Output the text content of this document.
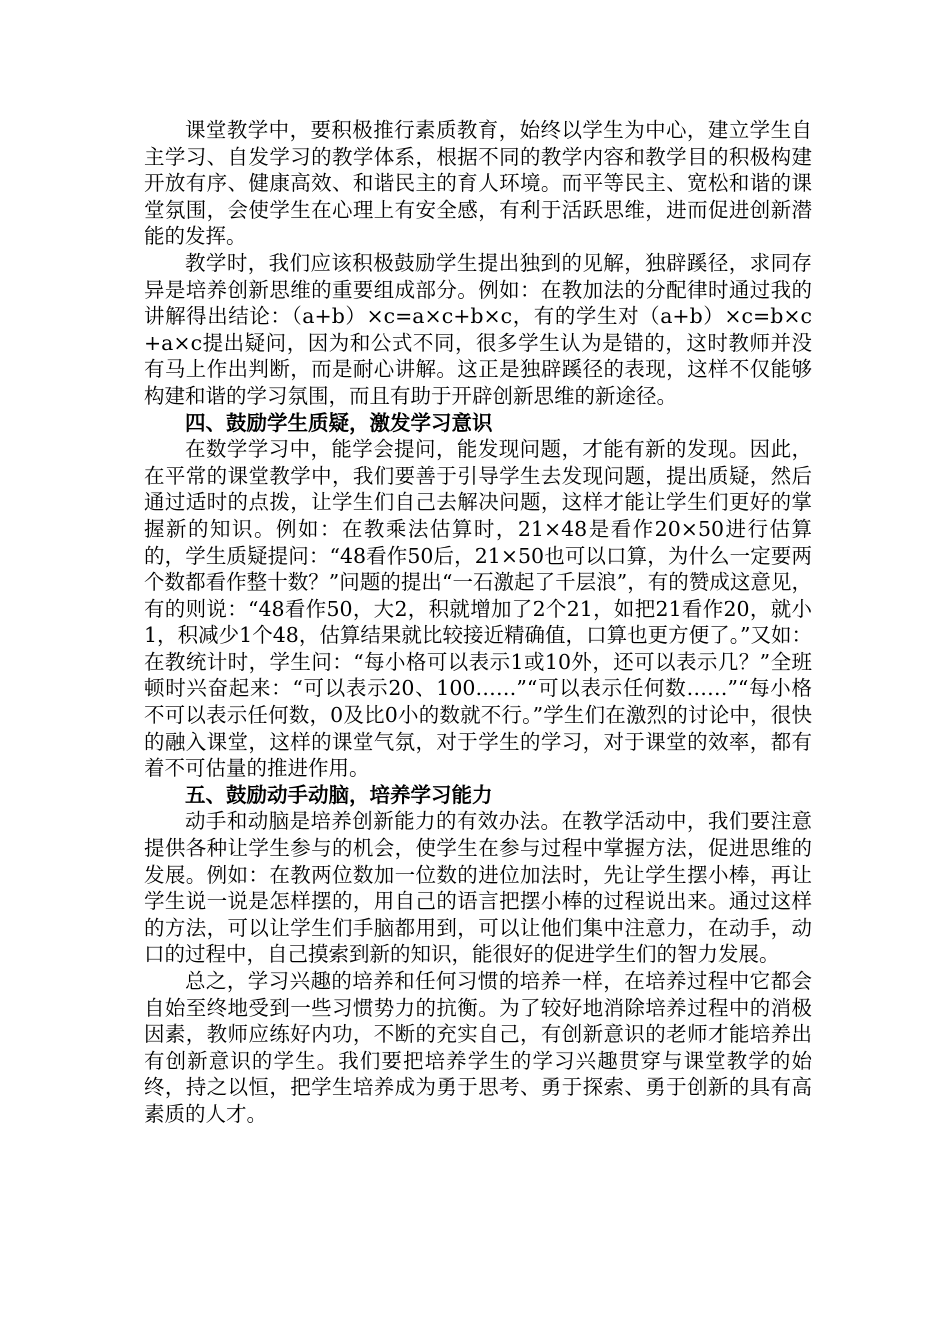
课堂教学中，要积极推行素质教育，始终以学生为中心，建立学生自主学习、自发学习的教学体系，根据不同的教学内容和教学目的积极构建开放有序、健康高效、和谐民主的育人环境。而平等民主、宽松和谐的课堂氛围，会使学生在心理上有安全感，有利于活跃思维，进而促进创新潜能的发挥。

教学时，我们应该积极鼓励学生提出独到的见解，独辟蹊径，求同存异是培养创新思维的重要组成部分。例如：在教加法的分配律时通过我的讲解得出结论：（a+b）×c=a×c+b×c，有的学生对（a+b）×c=b×c+a×c提出疑问，因为和公式不同，很多学生认为是错的，这时教师并没有马上作出判断，而是耐心讲解。这正是独辟蹊径的表现，这样不仅能够构建和谐的学习氛围，而且有助于开辟创新思维的新途径。

四、鼓励学生质疑，激发学习意识

在数学学习中，能学会提问，能发现问题，才能有新的发现。因此，在平常的课堂教学中，我们要善于引导学生去发现问题，提出质疑，然后通过适时的点拨，让学生们自己去解决问题，这样才能让学生们更好的掌握新的知识。例如：在教乘法估算时，21×48是看作20×50进行估算的，学生质疑提问：“48看作50后，21×50也可以口算，为什么一定要两个数都看作整十数？”问题的提出“一石激起了千层浪”，有的赞成这意见，有的则说：“48看作50，大2，积就增加了2个21，如把21看作20，就小1，积减少1个48，估算结果就比较接近精确值，口算也更方便了。”又如：在教统计时，学生问：“每小格可以表示1或10外，还可以表示几？”全班顿时兴奋起来：“可以表示20、100……”“可以表示任何数……”“每小格不可以表示任何数，0及比0小的数就不行。”学生们在激烈的讨论中，很快的融入课堂，这样的课堂气氛，对于学生的学习，对于课堂的效率，都有着不可估量的推进作用。

五、鼓励动手动脑，培养学习能力

动手和动脑是培养创新能力的有效办法。在教学活动中，我们要注意提供各种让学生参与的机会，使学生在参与过程中掌握方法，促进思维的发展。例如：在教两位数加一位数的进位加法时，先让学生摆小棒，再让学生说一说是怎样摆的，用自己的语言把摆小棒的过程说出来。通过这样的方法，可以让学生们手脑都用到，可以让他们集中注意力，在动手，动口的过程中，自己摸索到新的知识，能很好的促进学生们的智力发展。

总之，学习兴趣的培养和任何习惯的培养一样，在培养过程中它都会自始至终地受到一些习惯势力的抗衡。为了较好地消除培养过程中的消极因素，教师应练好内功，不断的充实自己，有创新意识的老师才能培养出有创新意识的学生。我们要把培养学生的学习兴趣贯穿与课堂教学的始终，持之以恒，把学生培养成为勇于思考、勇于探索、勇于创新的具有高素质的人才。
